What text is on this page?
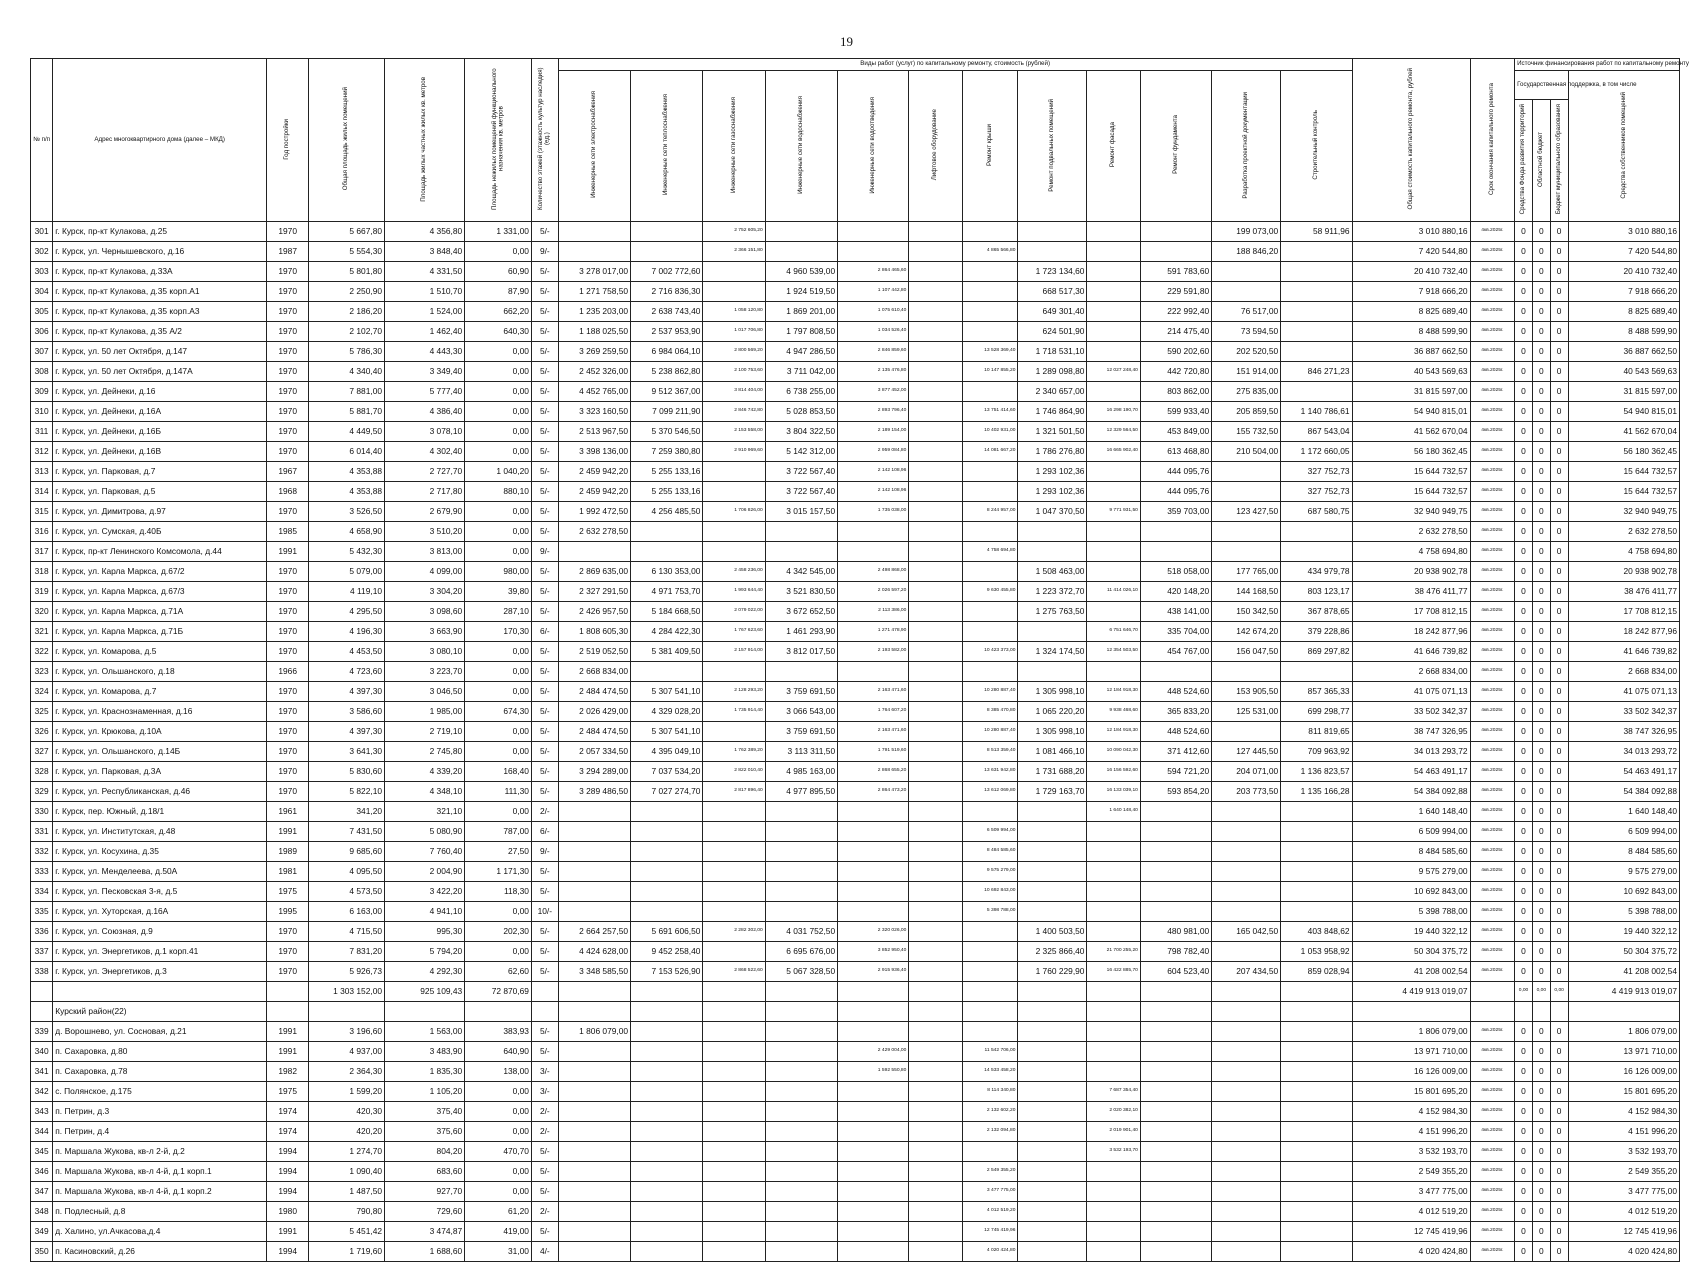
19
№ п/п	Адрес многоквартирного дома (далее – МКД)	Год постройки	Общая площадь жилых помещений	Площадь жилых частных жилых кв. метров	Площадь нежилых помещений функционального назначения кв. метров	Количество этажей (этажность культур наследия) (ед.)	Виды работ (услуг) по капитальному ремонту, стоимость (рублей)												Общая стоимость капитального ремонта, рублей	Срок окончания капитального ремонта	Источник финансирования работ по капитальному ремонту			
							Инженерные сети электроснабжения	Инженерные сети теплоснабжения	Инженерные сети газоснабжения	Инженерные сети водоснабжения	Инженерные сети водоотведения	Лифтовое оборудование	Ремонт крыши	Ремонт подвальных помещений	Ремонт фасада	Ремонт фундамента	Разработка проектной документации	Строительный контроль			Государственная поддержка, в том числе			Средства собственников помещений
																					Средства Фонда развития территорий	Областной бюджет	Бюджет муниципального образования	
301	г. Курск, пр-кт Кулакова, д.25	1970	5 667,80	4 356,80	1 331,00	5/-			2 752 605,20								199 073,00	58 911,96	3 010 880,16	4кв.2025г.	0	0	0	3 010 880,16
302	г. Курск, ул. Чернышевского, д.16	1987	5 554,30	3 848,40	0,00	9/-			2 366 151,80				4 865 566,80				188 846,20		7 420 544,80	4кв.2025г.	0	0	0	7 420 544,80
303	г. Курск, пр-кт Кулакова, д.33А	1970	5 801,80	4 331,50	60,90	5/-	3 278 017,00	7 002 772,60		4 960 539,00	2 864 465,60			1 723 134,60		591 783,60			20 410 732,40	4кв.2025г.	0	0	0	20 410 732,40
304	г. Курск, пр-кт Кулакова, д.35 корп.А1	1970	2 250,90	1 510,70	87,90	5/-	1 271 758,50	2 716 836,30		1 924 519,50	1 107 442,80			668 517,30		229 591,80			7 918 666,20	4кв.2025г.	0	0	0	7 918 666,20
305	г. Курск, пр-кт Кулакова, д.35 корп.А3	1970	2 186,20	1 524,00	662,20	5/-	1 235 203,00	2 638 743,40	1 058 120,80	1 869 201,00	1 075 610,40			649 301,40		222 992,40	76 517,00		8 825 689,40	4кв.2025г.	0	0	0	8 825 689,40
306	г. Курск, пр-кт Кулакова, д.35 А/2	1970	2 102,70	1 462,40	640,30	5/-	1 188 025,50	2 537 953,90	1 017 706,80	1 797 808,50	1 034 526,40			624 501,90		214 475,40	73 594,50		8 488 599,90	4кв.2025г.	0	0	0	8 488 599,90
307	г. Курск, ул. 50 лет Октября, д.147	1970	5 786,30	4 443,30	0,00	5/-	3 269 259,50	6 984 064,10	2 800 569,20	4 947 286,50	2 846 859,60		13 528 369,40	1 718 531,10		590 202,60	202 520,50		36 887 662,50	4кв.2025г.	0	0	0	36 887 662,50
308	г. Курск, ул. 50 лет Октября, д.147А	1970	4 340,40	3 349,40	0,00	5/-	2 452 326,00	5 238 862,80	2 100 753,60	3 711 042,00	2 135 476,80		10 147 855,20	1 289 098,80	12 027 248,40	442 720,80	151 914,00	846 271,23	40 543 569,63	4кв.2025г.	0	0	0	40 543 569,63
309	г. Курск, ул. Дейнеки, д.16	1970	7 881,00	5 777,40	0,00	5/-	4 452 765,00	9 512 367,00	3 814 404,00	6 738 255,00	3 877 452,00			2 340 657,00		803 862,00	275 835,00		31 815 597,00	4кв.2025г.	0	0	0	31 815 597,00
310	г. Курск, ул. Дейнеки, д.16А	1970	5 881,70	4 386,40	0,00	5/-	3 323 160,50	7 099 211,90	2 846 742,80	5 028 853,50	2 893 796,40		13 751 414,60	1 746 864,90	16 298 190,70	599 933,40	205 859,50	1 140 786,61	54 940 815,01	4кв.2025г.	0	0	0	54 940 815,01
311	г. Курск, ул. Дейнеки, д.16Б	1970	4 449,50	3 078,10	0,00	5/-	2 513 967,50	5 370 546,50	2 153 558,00	3 804 322,50	2 189 154,00		10 402 931,00	1 321 501,50	12 329 564,50	453 849,00	155 732,50	867 543,04	41 562 670,04	4кв.2025г.	0	0	0	41 562 670,04
312	г. Курск, ул. Дейнеки, д.16В	1970	6 014,40	4 302,40	0,00	5/-	3 398 136,00	7 259 380,80	2 910 969,60	5 142 312,00	2 959 084,80		14 081 667,20	1 786 276,80	16 665 902,40	613 468,80	210 504,00	1 172 660,05	56 180 362,45	4кв.2025г.	0	0	0	56 180 362,45
313	г. Курск, ул. Парковая, д.7	1967	4 353,88	2 727,70	1 040,20	5/-	2 459 942,20	5 255 133,16		3 722 567,40	2 142 108,96			1 293 102,36		444 095,76		327 752,73	15 644 732,57	4кв.2025г.	0	0	0	15 644 732,57
314	г. Курск, ул. Парковая, д.5	1968	4 353,88	2 717,80	880,10	5/-	2 459 942,20	5 255 133,16		3 722 567,40	2 142 108,96			1 293 102,36		444 095,76		327 752,73	15 644 732,57	4кв.2025г.	0	0	0	15 644 732,57
315	г. Курск, ул. Димитрова, д.97	1970	3 526,50	2 679,90	0,00	5/-	1 992 472,50	4 256 485,50	1 706 826,00	3 015 157,50	1 735 038,00		8 244 957,00	1 047 370,50	9 771 931,50	359 703,00	123 427,50	687 580,75	32 940 949,75	4кв.2025г.	0	0	0	32 940 949,75
316	г. Курск, ул. Сумская, д.40Б	1985	4 658,90	3 510,20	0,00	5/-	2 632 278,50												2 632 278,50	4кв.2025г.	0	0	0	2 632 278,50
317	г. Курск, пр-кт Ленинского Комсомола, д.44	1991	5 432,30	3 813,00	0,00	9/-							4 758 694,80						4 758 694,80	4кв.2025г.	0	0	0	4 758 694,80
318	г. Курск, ул. Карла Маркса, д.67/2	1970	5 079,00	4 099,00	980,00	5/-	2 869 635,00	6 130 353,00	2 458 236,00	4 342 545,00	2 498 868,00			1 508 463,00		518 058,00	177 765,00	434 979,78	20 938 902,78	4кв.2025г.	0	0	0	20 938 902,78
319	г. Курск, ул. Карла Маркса, д.67/3	1970	4 119,10	3 304,20	39,80	5/-	2 327 291,50	4 971 753,70	1 993 644,40	3 521 830,50	2 026 597,20		9 630 455,80	1 223 372,70	11 414 026,10	420 148,20	144 168,50	803 123,17	38 476 411,77	4кв.2025г.	0	0	0	38 476 411,77
320	г. Курск, ул. Карла Маркса, д.71А	1970	4 295,50	3 098,60	287,10	5/-	2 426 957,50	5 184 668,50	2 079 022,00	3 672 652,50	2 113 386,00			1 275 763,50		438 141,00	150 342,50	367 878,65	17 708 812,15	4кв.2025г.	0	0	0	17 708 812,15
321	г. Курск, ул. Карла Маркса, д.71Б	1970	4 196,30	3 663,90	170,30	6/-	1 808 605,30	4 284 422,30	1 767 623,60	1 461 293,90	1 271 478,90				6 751 646,70	335 704,00	142 674,20	379 228,86	18 242 877,96	4кв.2025г.	0	0	0	18 242 877,96
322	г. Курск, ул. Комарова, д.5	1970	4 453,50	3 080,10	0,00	5/-	2 519 052,50	5 381 409,50	2 157 914,00	3 812 017,50	2 193 582,00		10 423 373,00	1 324 174,50	12 354 503,50	454 767,00	156 047,50	869 297,82	41 646 739,82	4кв.2025г.	0	0	0	41 646 739,82
323	г. Курск, ул. Ольшанского, д.18	1966	4 723,60	3 223,70	0,00	5/-	2 668 834,00												2 668 834,00	4кв.2025г.	0	0	0	2 668 834,00
324	г. Курск, ул. Комарова, д.7	1970	4 397,30	3 046,50	0,00	5/-	2 484 474,50	5 307 541,10	2 128 293,20	3 759 691,50	2 163 471,60		10 280 887,40	1 305 998,10	12 184 918,30	448 524,60	153 905,50	857 365,33	41 075 071,13	4кв.2025г.	0	0	0	41 075 071,13
325	г. Курск, ул. Краснознаменная, д.16	1970	3 586,60	1 985,00	674,30	5/-	2 026 429,00	4 329 028,20	1 735 914,40	3 066 543,00	1 764 607,20		8 385 470,80	1 065 220,20	9 938 468,60	365 833,20	125 531,00	699 298,77	33 502 342,37	4кв.2025г.	0	0	0	33 502 342,37
326	г. Курск, ул. Крюкова, д.10А	1970	4 397,30	2 719,10	0,00	5/-	2 484 474,50	5 307 541,10		3 759 691,50	2 163 471,60		10 280 887,40	1 305 998,10	12 184 918,30	448 524,60		811 819,65	38 747 326,95	4кв.2025г.	0	0	0	38 747 326,95
327	г. Курск, ул. Ольшанского, д.14Б	1970	3 641,30	2 745,80	0,00	5/-	2 057 334,50	4 395 049,10	1 762 389,20	3 113 311,50	1 791 519,60		8 513 359,40	1 081 466,10	10 090 042,30	371 412,60	127 445,50	709 963,92	34 013 293,72	4кв.2025г.	0	0	0	34 013 293,72
328	г. Курск, ул. Парковая, д.3А	1970	5 830,60	4 339,20	168,40	5/-	3 294 289,00	7 037 534,20	2 822 010,40	4 985 163,00	2 868 655,20		13 631 942,80	1 731 688,20	16 156 592,60	594 721,20	204 071,00	1 136 823,57	54 463 491,17	4кв.2025г.	0	0	0	54 463 491,17
329	г. Курск, ул. Республиканская, д.46	1970	5 822,10	4 348,10	111,30	5/-	3 289 486,50	7 027 274,70	2 817 896,40	4 977 895,50	2 864 473,20		13 612 069,80	1 729 163,70	16 133 039,10	593 854,20	203 773,50	1 135 166,28	54 384 092,88	4кв.2025г.	0	0	0	54 384 092,88
330	г. Курск, пер. Южный, д.18/1	1961	341,20	321,10	0,00	2/-									1 640 148,40				1 640 148,40	4кв.2025г.	0	0	0	1 640 148,40
331	г. Курск, ул. Институтская, д.48	1991	7 431,50	5 080,90	787,00	6/-							6 509 994,00						6 509 994,00	4кв.2025г.	0	0	0	6 509 994,00
332	г. Курск, ул. Косухина, д.35	1989	9 685,60	7 760,40	27,50	9/-							8 484 585,60						8 484 585,60	4кв.2025г.	0	0	0	8 484 585,60
333	г. Курск, ул. Менделеева, д.50А	1981	4 095,50	2 004,90	1 171,30	5/-							9 575 279,00						9 575 279,00	4кв.2025г.	0	0	0	9 575 279,00
334	г. Курск, ул. Песковская 3-я, д.5	1975	4 573,50	3 422,20	118,30	5/-							10 692 843,00						10 692 843,00	4кв.2025г.	0	0	0	10 692 843,00
335	г. Курск, ул. Хуторская, д.16А	1995	6 163,00	4 941,10	0,00	10/-							5 398 788,00						5 398 788,00	4кв.2025г.	0	0	0	5 398 788,00
336	г. Курск, ул. Союзная, д.9	1970	4 715,50	995,30	202,30	5/-	2 664 257,50	5 691 606,50	2 282 302,00	4 031 752,50	2 320 026,00			1 400 503,50		480 981,00	165 042,50	403 848,62	19 440 322,12	4кв.2025г.	0	0	0	19 440 322,12
337	г. Курск, ул. Энергетиков, д.1 корп.41	1970	7 831,20	5 794,20	0,00	5/-	4 424 628,00	9 452 258,40		6 695 676,00	3 852 950,40			2 325 866,40	21 700 255,20	798 782,40		1 053 958,92	50 304 375,72	4кв.2025г.	0	0	0	50 304 375,72
338	г. Курск, ул. Энергетиков, д.3	1970	5 926,73	4 292,30	62,60	5/-	3 348 585,50	7 153 526,90	2 868 522,60	5 067 328,50	2 915 936,40			1 760 229,90	16 422 885,70	604 523,40	207 434,50	859 028,94	41 208 002,54	4кв.2025г.	0	0	0	41 208 002,54
			1 303 152,00	925 109,43	72 870,69														4 419 913 019,07		0,00	0,00	0,00	4 419 913 019,07
	Курский район(22)																							
339	д. Ворошнево, ул. Сосновая, д.21	1991	3 196,60	1 563,00	383,93	5/-	1 806 079,00												1 806 079,00	4кв.2025г.	0	0	0	1 806 079,00
340	п. Сахаровка, д.80	1991	4 937,00	3 483,90	640,90	5/-					2 429 004,00		11 542 706,00						13 971 710,00	4кв.2025г.	0	0	0	13 971 710,00
341	п. Сахаровка, д.78	1982	2 364,30	1 835,30	138,00	3/-					1 592 550,80		14 533 458,20						16 126 009,00	4кв.2025г.	0	0	0	16 126 009,00
342	с. Полянское, д.175	1975	1 599,20	1 105,20	0,00	3/-							8 114 340,80		7 687 354,40				15 801 695,20	4кв.2025г.	0	0	0	15 801 695,20
343	п. Петрин, д.3	1974	420,30	375,40	0,00	2/-							2 132 602,20		2 020 382,10				4 152 984,30	4кв.2025г.	0	0	0	4 152 984,30
344	п. Петрин, д.4	1974	420,20	375,60	0,00	2/-							2 132 094,80		2 019 901,40				4 151 996,20	4кв.2025г.	0	0	0	4 151 996,20
345	п. Маршала Жукова, кв-л 2-й, д.2	1994	1 274,70	804,20	470,70	5/-									3 532 193,70				3 532 193,70	4кв.2025г.	0	0	0	3 532 193,70
346	п. Маршала Жукова, кв-л 4-й, д.1 корп.1	1994	1 090,40	683,60	0,00	5/-							2 549 355,20						2 549 355,20	4кв.2025г.	0	0	0	2 549 355,20
347	п. Маршала Жукова, кв-л 4-й, д.1 корп.2	1994	1 487,50	927,70	0,00	5/-							3 477 775,00						3 477 775,00	4кв.2025г.	0	0	0	3 477 775,00
348	п. Подлесный, д.8	1980	790,80	729,60	61,20	2/-							4 012 519,20						4 012 519,20	4кв.2025г.	0	0	0	4 012 519,20
349	д. Халино, ул.Ачкасова,д.4	1991	5 451,42	3 474,87	419,00	5/-							12 745 419,96						12 745 419,96	4кв.2025г.	0	0	0	12 745 419,96
350	п. Касиновский, д.26	1994	1 719,60	1 688,60	31,00	4/-							4 020 424,80						4 020 424,80	4кв.2025г.	0	0	0	4 020 424,80
